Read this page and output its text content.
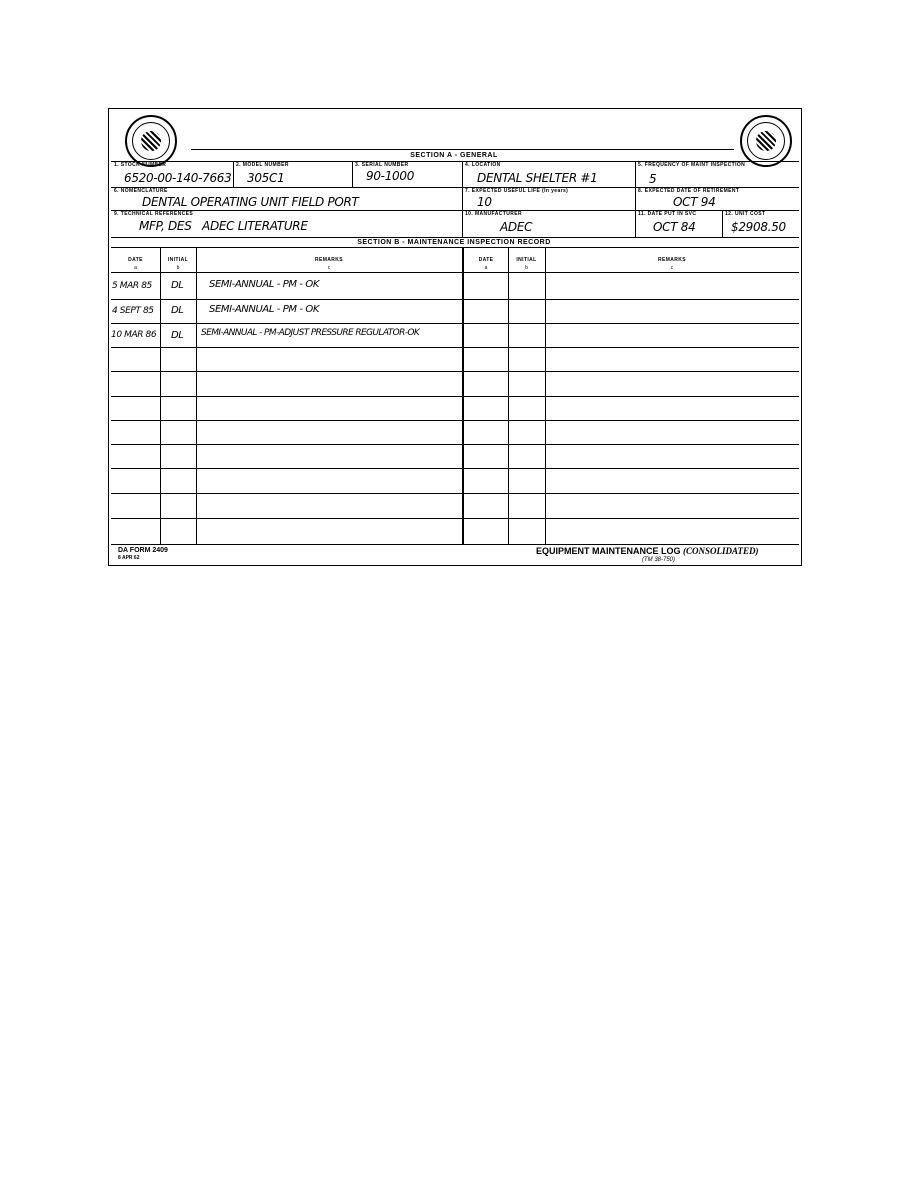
SECTION A - GENERAL
1. STOCK NUMBER
6520-00-140-7663
2. MODEL NUMBER
305C1
3. SERIAL NUMBER
90-1000
4. LOCATION
DENTAL SHELTER #1
5. FREQUENCY OF MAINT INSPECTION
5
6. NOMENCLATURE
DENTAL OPERATING UNIT FIELD PORT
7. EXPECTED USEFUL LIFE (In years)
10
8. EXPECTED DATE OF RETIREMENT
OCT 94
9. TECHNICAL REFERENCES
MFP, DES   ADEC LITERATURE
10. MANUFACTURER
ADEC
11. DATE PUT IN SVC
OCT 84
12. UNIT COST
$2908.50
SECTION B - MAINTENANCE INSPECTION RECORD
DATE
a
INITIAL
b
REMARKS
c
DATE
a
INITIAL
b
REMARKS
c
5 MAR 85 DL	SEMI-ANNUAL - PM - OK
4 SEPT 85 DL	SEMI-ANNUAL - PM - OK
10 MAR 86 DL SEMI-ANNUAL - PM-ADJUST PRESSURE REGULATOR-OK
DA FORM 2409
8 APR 62
EQUIPMENT MAINTENANCE LOG (CONSOLIDATED)
(TM 38-750)
